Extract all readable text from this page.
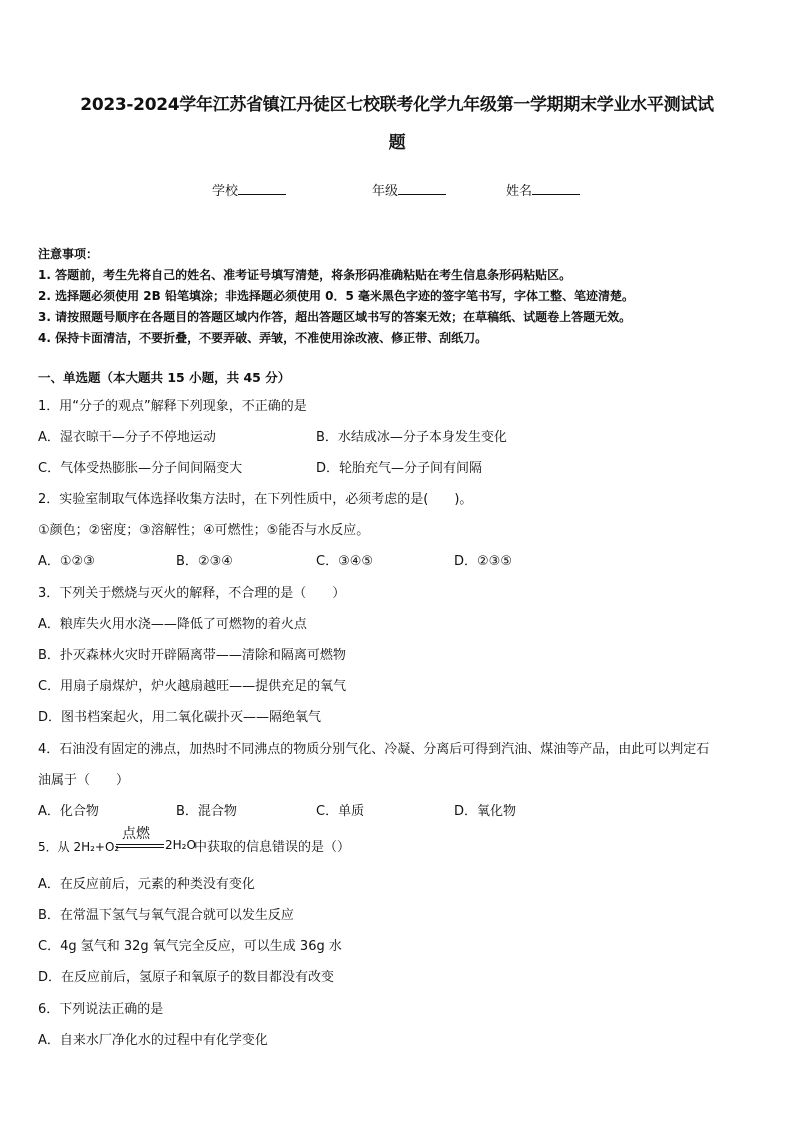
2023-2024学年江苏省镇江丹徒区七校联考化学九年级第一学期期末学业水平测试试
题
学校	年级	姓名
注意事项：
1. 答题前，考生先将自己的姓名、准考证号填写清楚，将条形码准确粘贴在考生信息条形码粘贴区。
2. 选择题必须使用 2B 铅笔填涂；非选择题必须使用 0．5 毫米黑色字迹的签字笔书写，字体工整、笔迹清楚。
3. 请按照题号顺序在各题目的答题区域内作答，超出答题区域书写的答案无效；在草稿纸、试题卷上答题无效。
4. 保持卡面清洁，不要折叠，不要弄破、弄皱，不准使用涂改液、修正带、刮纸刀。
一、单选题（本大题共 15 小题，共 45 分）
1．用“分子的观点”解释下列现象，不正确的是
A．湿衣晾干—分子不停地运动	B．水结成冰—分子本身发生变化
C．气体受热膨胀—分子间间隔变大	D．轮胎充气—分子间有间隔
2．实验室制取气体选择收集方法时，在下列性质中，必须考虑的是(　　)。
①颜色；②密度；③溶解性；④可燃性；⑤能否与水反应。
A．①②③	B．②③④	C．③④⑤	D．②③⑤
3．下列关于燃烧与灭火的解释，不合理的是（　　）
A．粮库失火用水浇——降低了可燃物的着火点
B．扑灭森林火灾时开辟隔离带——清除和隔离可燃物
C．用扇子扇煤炉，炉火越扇越旺——提供充足的氧气
D．图书档案起火，用二氧化碳扑灭——隔绝氧气
4．石油没有固定的沸点，加热时不同沸点的物质分别气化、冷凝、分离后可得到汽油、煤油等产品，由此可以判定石
油属于（　　）
A．化合物	B．混合物	C．单质	D．氧化物
5．从 2H₂+O₂
点燃
2H₂O
中获取的信息错误的是（）
A．在反应前后，元素的种类没有变化
B．在常温下氢气与氧气混合就可以发生反应
C．4g 氢气和 32g 氧气完全反应，可以生成 36g 水
D．在反应前后，氢原子和氧原子的数目都没有改变
6．下列说法正确的是
A．自来水厂净化水的过程中有化学变化
